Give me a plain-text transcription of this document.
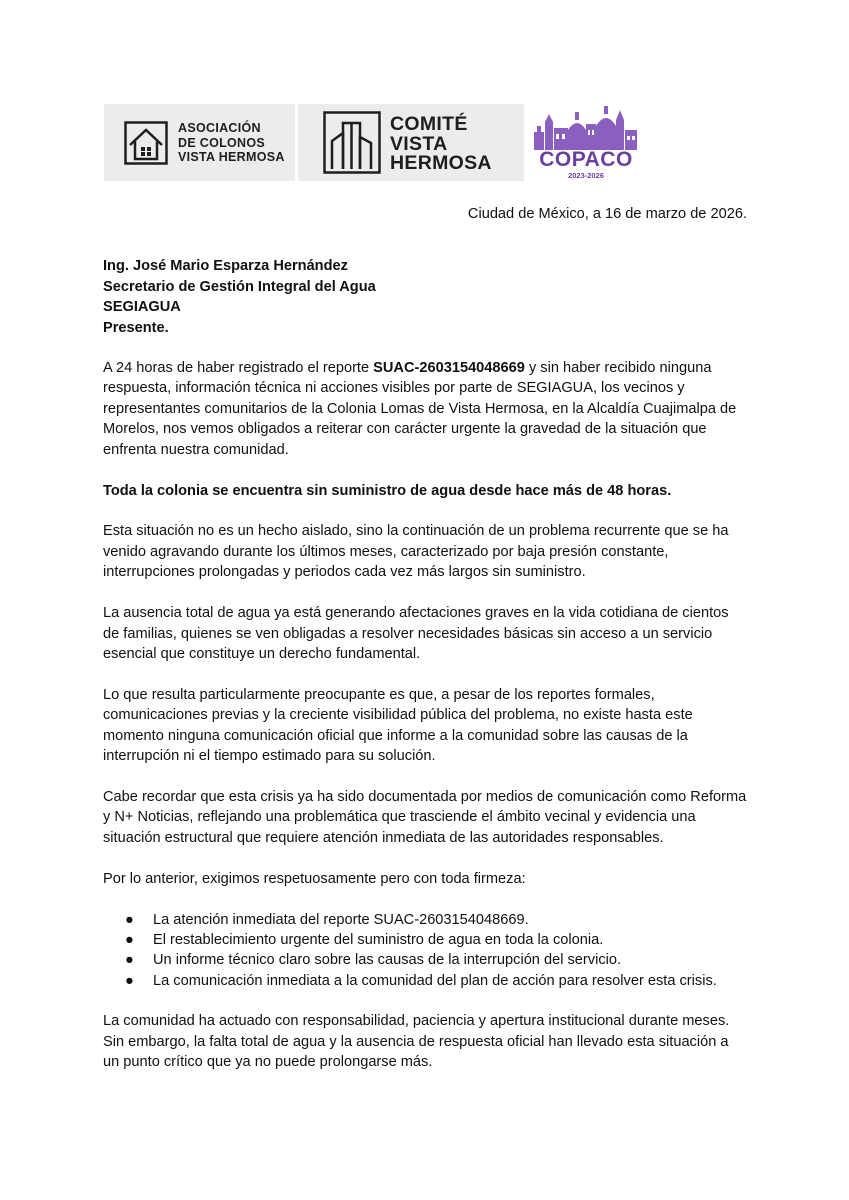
ASOCIACIÓN
DE COLONOS
VISTA HERMOSA
COMITÉ
VISTA
HERMOSA	COPACO
2023-2026
Ciudad de México, a 16 de marzo de 2026.
Ing. José Mario Esparza Hernández
Secretario de Gestión Integral del Agua
SEGIAGUA
Presente.

A 24 horas de haber registrado el reporte SUAC-2603154048669 y sin haber recibido ninguna respuesta, información técnica ni acciones visibles por parte de SEGIAGUA, los vecinos y representantes comunitarios de la Colonia Lomas de Vista Hermosa, en la Alcaldía Cuajimalpa de Morelos, nos vemos obligados a reiterar con carácter urgente la gravedad de la situación que enfrenta nuestra comunidad.

Toda la colonia se encuentra sin suministro de agua desde hace más de 48 horas.

Esta situación no es un hecho aislado, sino la continuación de un problema recurrente que se ha venido agravando durante los últimos meses, caracterizado por baja presión constante, interrupciones prolongadas y periodos cada vez más largos sin suministro.

La ausencia total de agua ya está generando afectaciones graves en la vida cotidiana de cientos de familias, quienes se ven obligadas a resolver necesidades básicas sin acceso a un servicio esencial que constituye un derecho fundamental.

Lo que resulta particularmente preocupante es que, a pesar de los reportes formales, comunicaciones previas y la creciente visibilidad pública del problema, no existe hasta este momento ninguna comunicación oficial que informe a la comunidad sobre las causas de la interrupción ni el tiempo estimado para su solución.

Cabe recordar que esta crisis ya ha sido documentada por medios de comunicación como Reforma y N+ Noticias, reflejando una problemática que trasciende el ámbito vecinal y evidencia una situación estructural que requiere atención inmediata de las autoridades responsables.

Por lo anterior, exigimos respetuosamente pero con toda firmeza:

● La atención inmediata del reporte SUAC-2603154048669.
● El restablecimiento urgente del suministro de agua en toda la colonia.
● Un informe técnico claro sobre las causas de la interrupción del servicio.
● La comunicación inmediata a la comunidad del plan de acción para resolver esta crisis.

La comunidad ha actuado con responsabilidad, paciencia y apertura institucional durante meses. Sin embargo, la falta total de agua y la ausencia de respuesta oficial han llevado esta situación a un punto crítico que ya no puede prolongarse más.
